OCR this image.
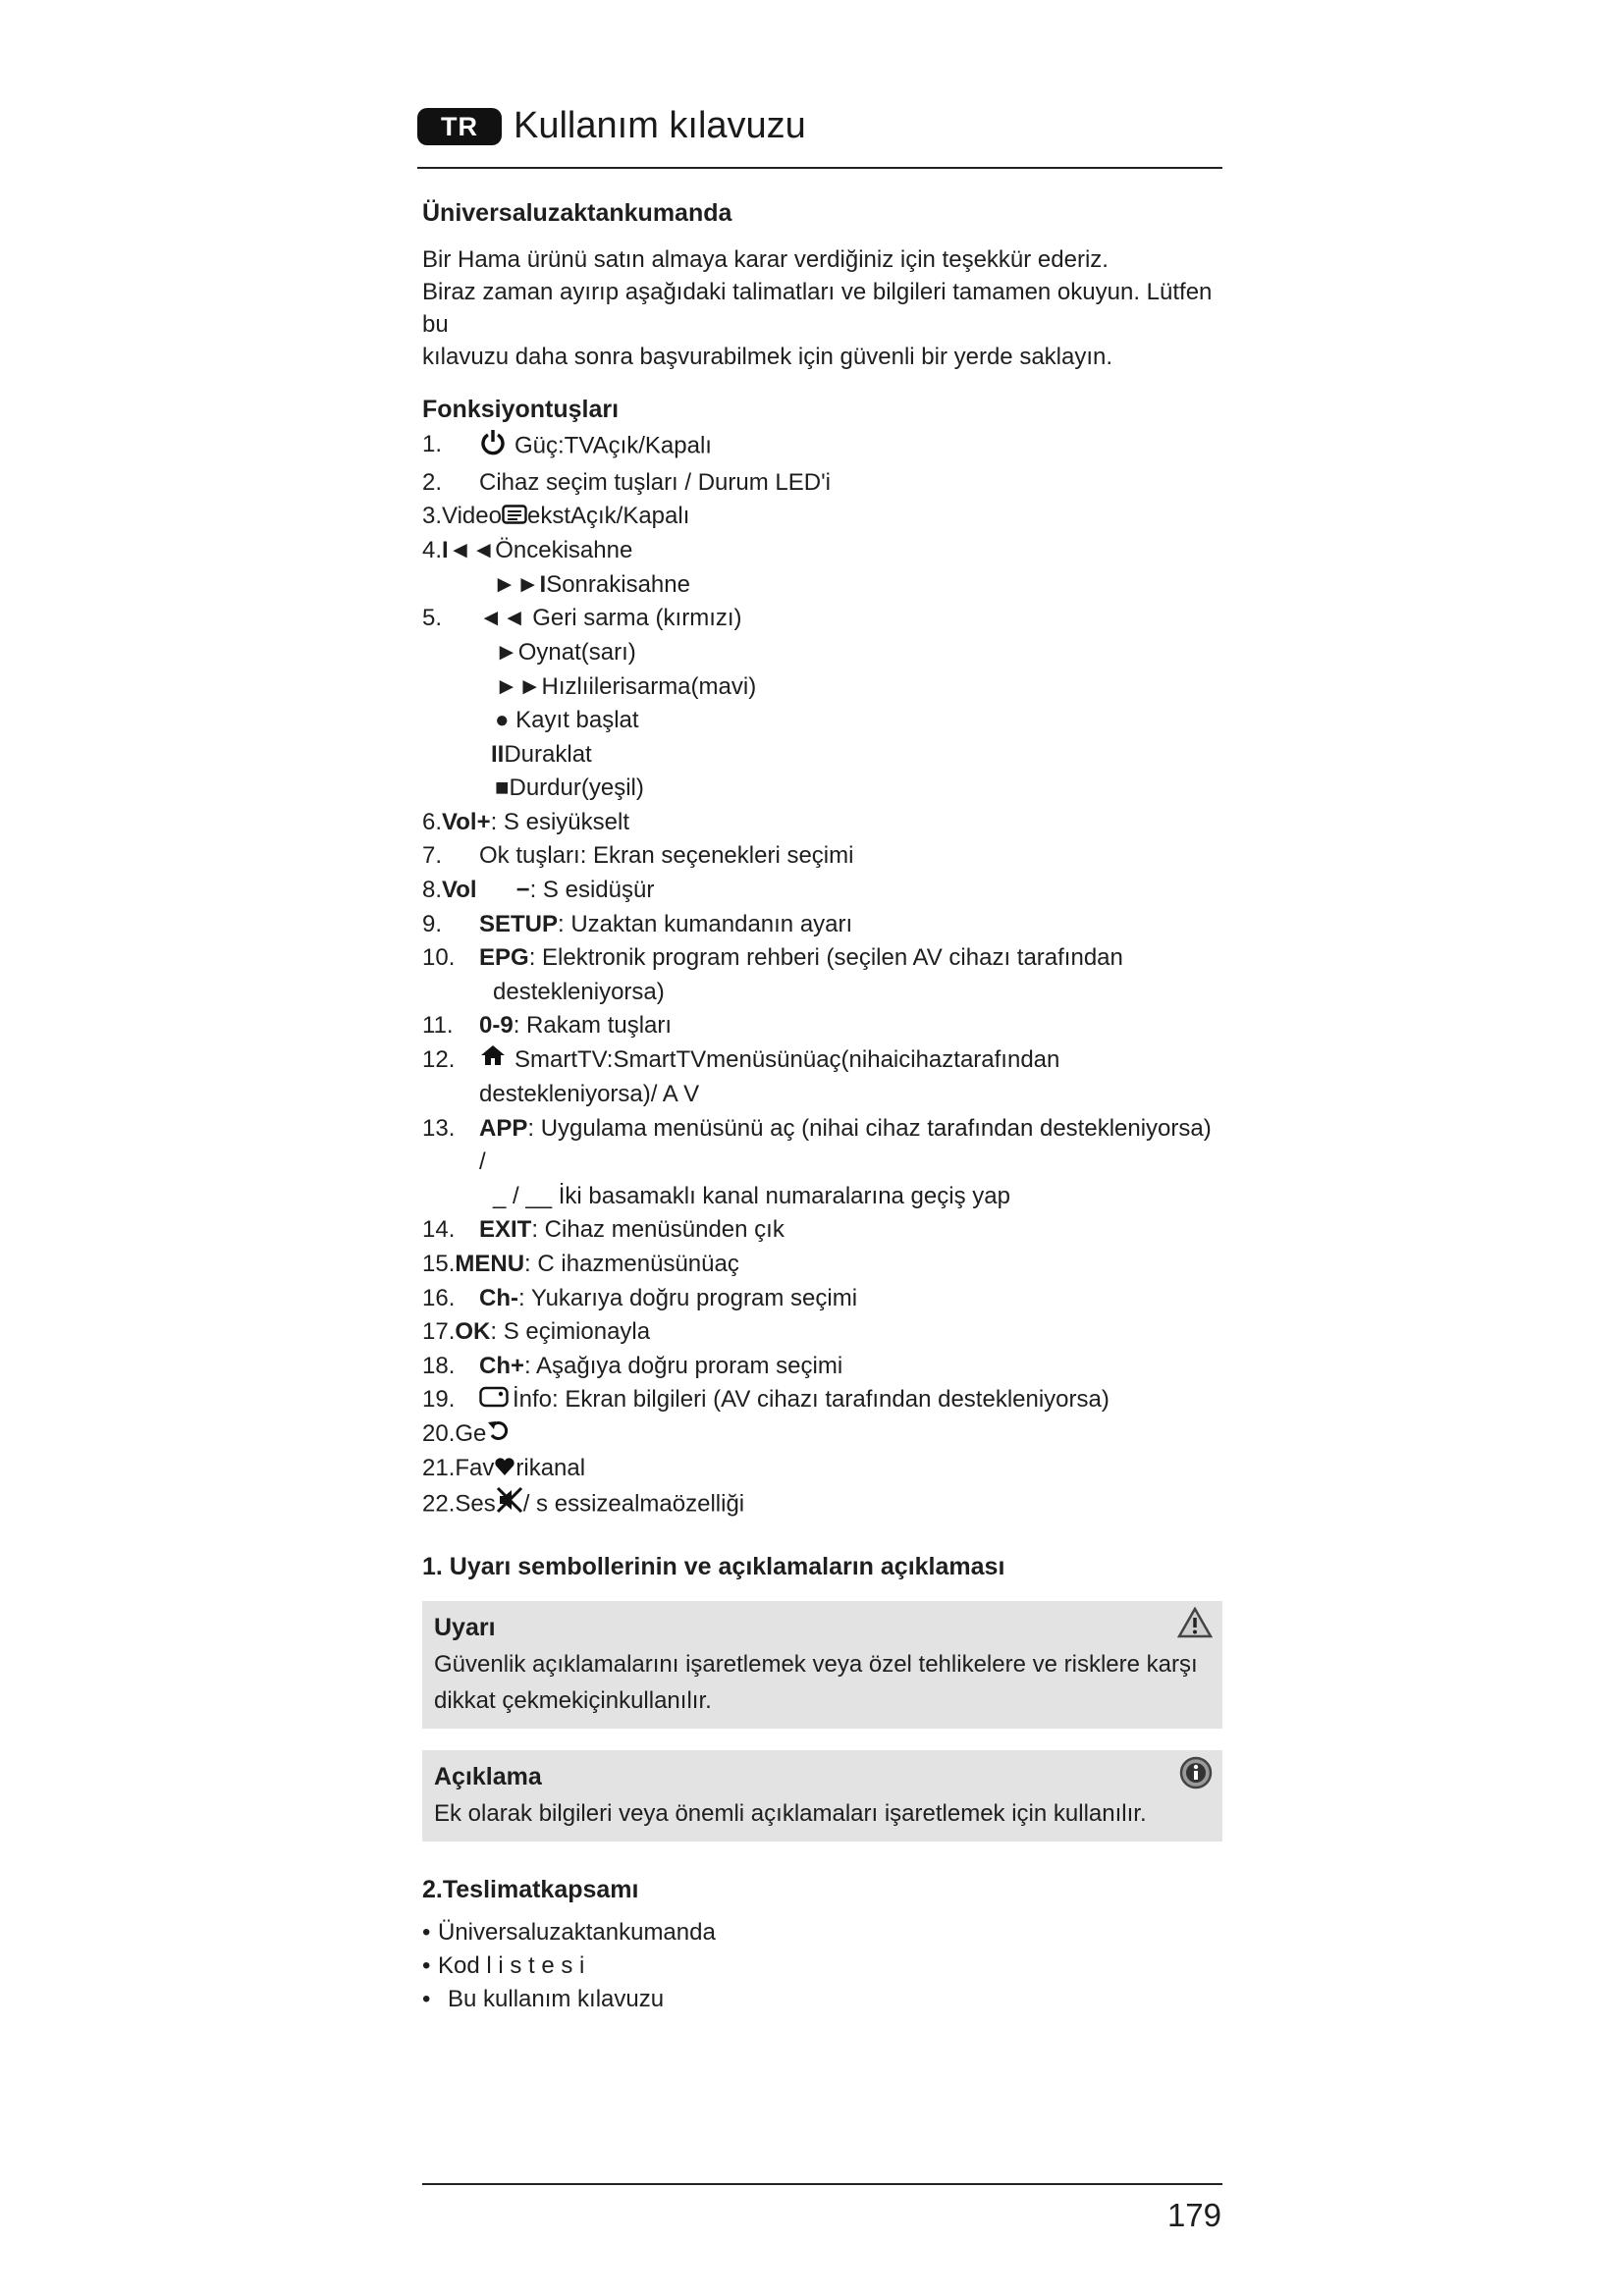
TR Kullanım kılavuzu
Üniversaluzaktankumanda

Bir Hama ürünü satın almaya karar verdiğiniz için teşekkür ederiz.

Biraz zaman ayırıp aşağıdaki talimatları ve bilgileri tamamen okuyun. Lütfen bu

kılavuzu daha sonra başvurabilmek için güvenli bir yerde saklayın.

Fonksiyontuşları
1.	Güç:TVAçık/Kapalı
2.	Cihaz seçim tuşları / Durum LED'i
3.Video ekstAçık/Kapalı
4.I◄◄Öncekisahne
►►ISonrakisahne
5.	◄◄ Geri sarma (kırmızı)
►Oynat(sarı)
►►Hızlıilerisarma(mavi)
● Kayıt başlat
IIDuraklat
■Durdur(yeşil)
6.Vol+: S esiyükselt
7.	Ok tuşları: Ekran seçenekleri seçimi
8.Vol −: S esidüşür
9.	SETUP: Uzaktan kumandanın ayarı
10.	EPG: Elektronik program rehberi (seçilen AV cihazı tarafından
destekleniyorsa)
11.	0-9: Rakam tuşları
12.	SmartTV:SmartTVmenüsünüaç(nihaicihaztarafından
destekleniyorsa)/ A V
13.	APP: Uygulama menüsünü aç (nihai cihaz tarafından destekleniyorsa) /
_ / __ İki basamaklı kanal numaralarına geçiş yap
14.	EXIT: Cihaz menüsünden çık
15.MENU: C ihazmenüsünüaç
16.	Ch-: Yukarıya doğru program seçimi
17.OK: S eçimionayla
18.	Ch+: Aşağıya doğru proram seçimi
19.	İnfo: Ekran bilgileri (AV cihazı tarafından destekleniyorsa)
20.Ge
21.Fav rikanal
22.Ses / s essizealmaözelliği
1. Uyarı sembollerinin ve açıklamaların açıklaması
Uyarı
Güvenlik açıklamalarını işaretlemek veya özel tehlikelere ve risklere karşı dikkat çekmekiçinkullanılır.
Açıklama
Ek olarak bilgileri veya önemli açıklamaları işaretlemek için kullanılır.
2.Teslimatkapsamı
• Üniversaluzaktankumanda
• Kod l i s t e s i
• Bu kullanım kılavuzu
179
